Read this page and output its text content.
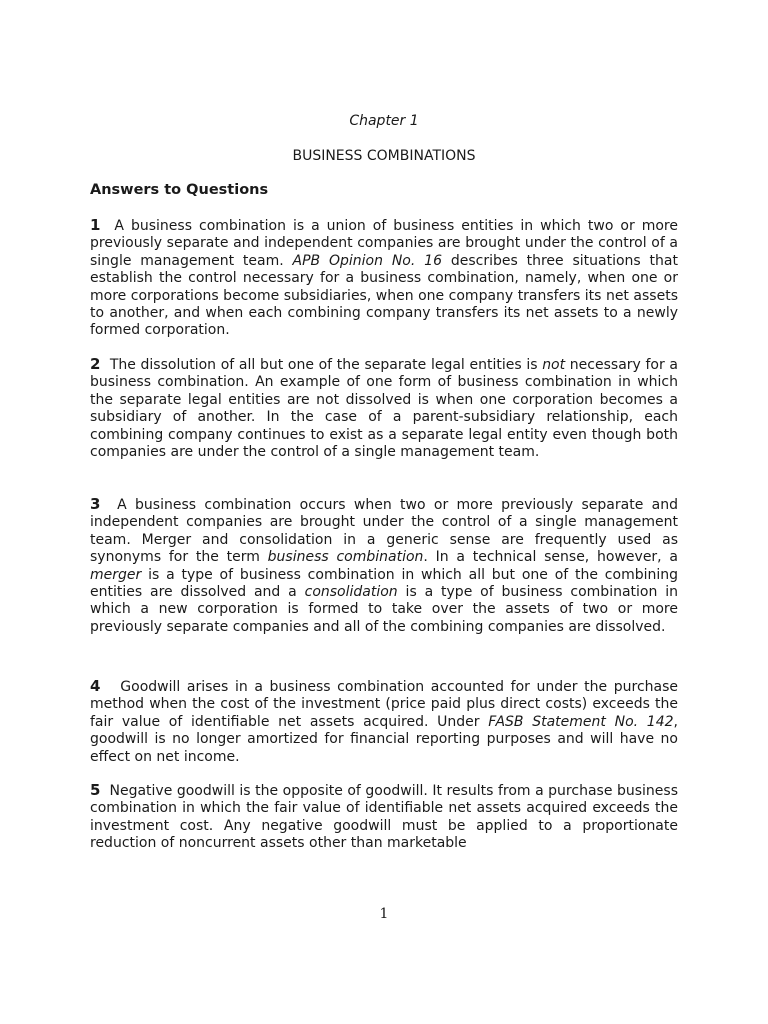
Chapter 1
BUSINESS COMBINATIONS
Answers to Questions

1 A business combination is a union of business entities in which two or more previously separate and independent companies are brought under the control of a single management team. APB Opinion No. 16 describes three situations that establish the control necessary for a business combination, namely, when one or more corporations become subsidiaries, when one company transfers its net assets to another, and when each combining company transfers its net assets to a newly formed corporation.

2 The dissolution of all but one of the separate legal entities is not necessary for a business combination. An example of one form of business combination in which the separate legal entities are not dissolved is when one corporation becomes a subsidiary of another. In the case of a parent-subsidiary relationship, each combining company continues to exist as a separate legal entity even though both companies are under the control of a single management team.

3 A business combination occurs when two or more previously separate and independent companies are brought under the control of a single management team. Merger and consolidation in a generic sense are frequently used as synonyms for the term business combination. In a technical sense, however, a merger is a type of business combination in which all but one of the combining entities are dissolved and a consolidation is a type of business combination in which a new corporation is formed to take over the assets of two or more previously separate companies and all of the combining companies are dissolved.

4   Goodwill arises in a business combination accounted for under the purchase method when the cost of the investment (price paid plus direct costs) exceeds the fair value of identifiable net assets acquired. Under FASB Statement No. 142, goodwill is no longer amortized for financial reporting purposes and will have no effect on net income.

5 Negative goodwill is the opposite of goodwill. It results from a purchase business combination in which the fair value of identifiable net assets acquired exceeds the investment cost. Any negative goodwill must be applied to a proportionate reduction of noncurrent assets other than marketable

1
